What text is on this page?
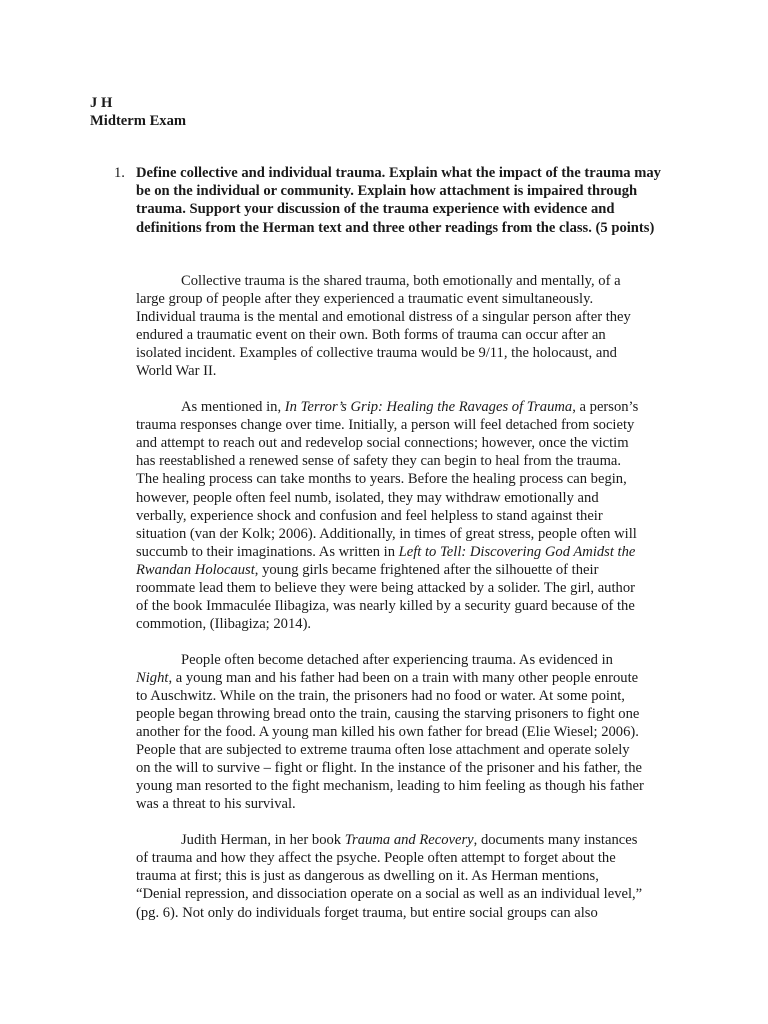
J H
Midterm Exam
1. Define collective and individual trauma. Explain what the impact of the trauma may be on the individual or community. Explain how attachment is impaired through trauma. Support your discussion of the trauma experience with evidence and definitions from the Herman text and three other readings from the class. (5 points)

Collective trauma is the shared trauma, both emotionally and mentally, of a
large group of people after they experienced a traumatic event simultaneously.
Individual trauma is the mental and emotional distress of a singular person after they
endured a traumatic event on their own. Both forms of trauma can occur after an
isolated incident. Examples of collective trauma would be 9/11, the holocaust, and
World War II.

As mentioned in, In Terror’s Grip: Healing the Ravages of Trauma, a person’s
trauma responses change over time. Initially, a person will feel detached from society
and attempt to reach out and redevelop social connections; however, once the victim
has reestablished a renewed sense of safety they can begin to heal from the trauma.
The healing process can take months to years. Before the healing process can begin,
however, people often feel numb, isolated, they may withdraw emotionally and
verbally, experience shock and confusion and feel helpless to stand against their
situation (van der Kolk; 2006). Additionally, in times of great stress, people often will
succumb to their imaginations. As written in Left to Tell: Discovering God Amidst the
Rwandan Holocaust, young girls became frightened after the silhouette of their
roommate lead them to believe they were being attacked by a solider. The girl, author
of the book Immaculée Ilibagiza, was nearly killed by a security guard because of the
commotion, (Ilibagiza; 2014).

People often become detached after experiencing trauma. As evidenced in
Night, a young man and his father had been on a train with many other people enroute
to Auschwitz. While on the train, the prisoners had no food or water. At some point,
people began throwing bread onto the train, causing the starving prisoners to fight one
another for the food. A young man killed his own father for bread (Elie Wiesel; 2006).
People that are subjected to extreme trauma often lose attachment and operate solely
on the will to survive – fight or flight. In the instance of the prisoner and his father, the
young man resorted to the fight mechanism, leading to him feeling as though his father
was a threat to his survival.

Judith Herman, in her book Trauma and Recovery, documents many instances
of trauma and how they affect the psyche. People often attempt to forget about the
trauma at first; this is just as dangerous as dwelling on it. As Herman mentions,
“Denial repression, and dissociation operate on a social as well as an individual level,”
(pg. 6). Not only do individuals forget trauma, but entire social groups can also
